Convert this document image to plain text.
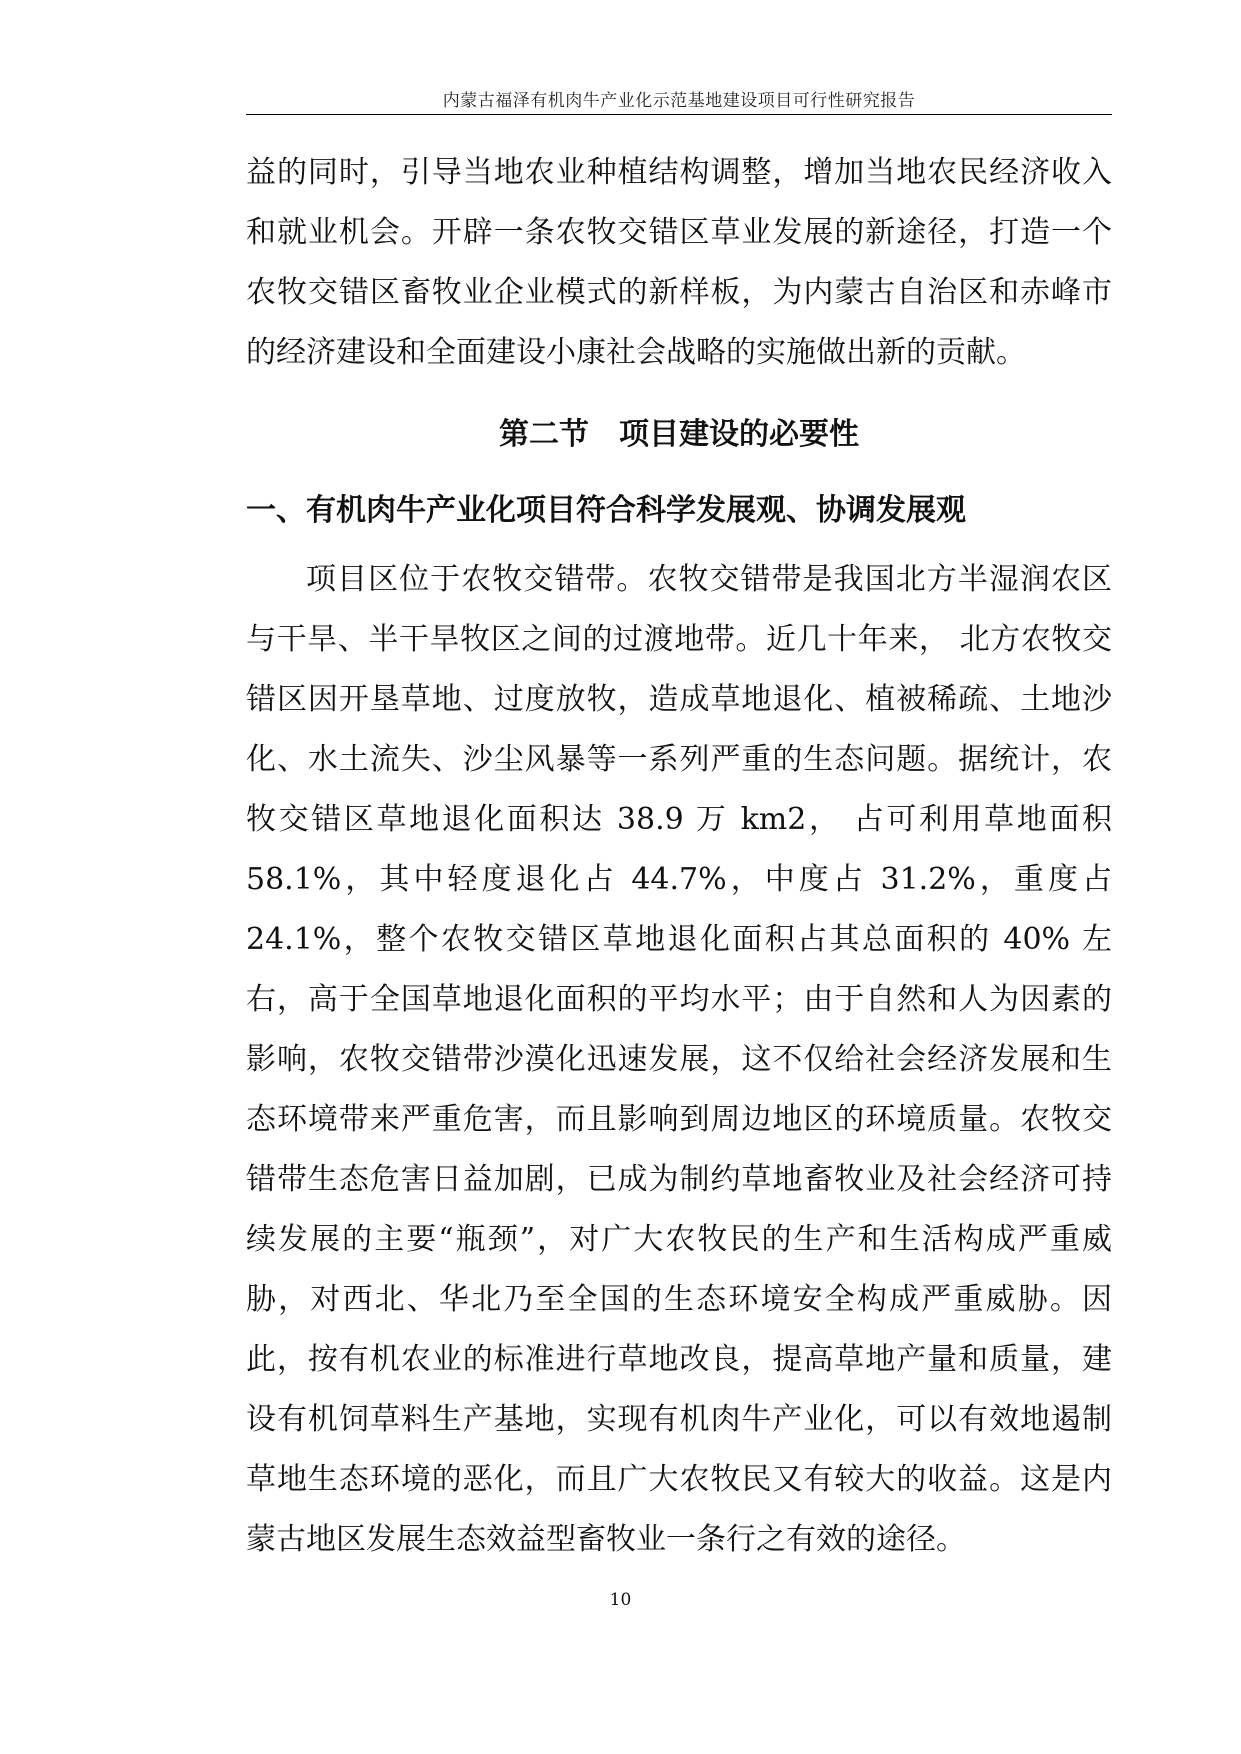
内蒙古福泽有机肉牛产业化示范基地建设项目可行性研究报告

益的同时，引导当地农业种植结构调整，增加当地农民经济收入和就业机会。开辟一条农牧交错区草业发展的新途径，打造一个农牧交错区畜牧业企业模式的新样板，为内蒙古自治区和赤峰市的经济建设和全面建设小康社会战略的实施做出新的贡献。

第二节　项目建设的必要性
一、有机肉牛产业化项目符合科学发展观、协调发展观

项目区位于农牧交错带。农牧交错带是我国北方半湿润农区与干旱、半干旱牧区之间的过渡地带。近几十年来， 北方农牧交错区因开垦草地、过度放牧，造成草地退化、植被稀疏、土地沙化、水土流失、沙尘风暴等一系列严重的生态问题。据统计，农牧交错区草地退化面积达 38.9 万 km2， 占可利用草地面积58.1%，其中轻度退化占 44.7%，中度占 31.2%，重度占 24.1%，整个农牧交错区草地退化面积占其总面积的 40% 左右，高于全国草地退化面积的平均水平；由于自然和人为因素的影响，农牧交错带沙漠化迅速发展，这不仅给社会经济发展和生态环境带来严重危害，而且影响到周边地区的环境质量。农牧交错带生态危害日益加剧，已成为制约草地畜牧业及社会经济可持续发展的主要“瓶颈”，对广大农牧民的生产和生活构成严重威胁，对西北、华北乃至全国的生态环境安全构成严重威胁。因此，按有机农业的标准进行草地改良，提高草地产量和质量，建设有机饲草料生产基地，实现有机肉牛产业化，可以有效地遏制草地生态环境的恶化，而且广大农牧民又有较大的收益。这是内蒙古地区发展生态效益型畜牧业一条行之有效的途径。

10
